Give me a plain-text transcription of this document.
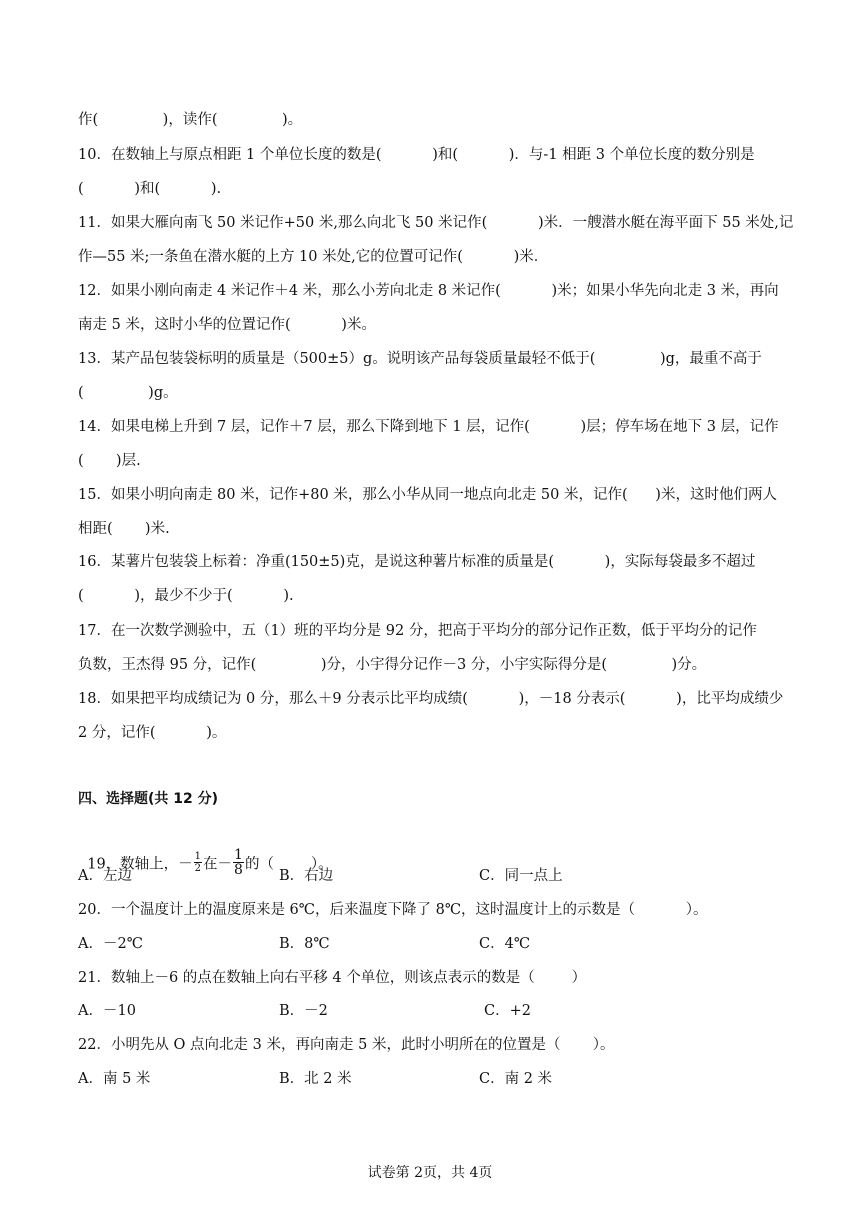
作(              )，读作(              )。
10．在数轴上与原点相距 1 个单位长度的数是(           )和(           )．与-1 相距 3 个单位长度的数分别是
(           )和(           ).
11．如果大雁向南飞 50 米记作+50 米,那么向北飞 50 米记作(           )米．一艘潜水艇在海平面下 55 米处,记
作—55 米;一条鱼在潜水艇的上方 10 米处,它的位置可记作(           )米．
12．如果小刚向南走 4 米记作＋4 米，那么小芳向北走 8 米记作(           )米；如果小华先向北走 3 米，再向
南走 5 米，这时小华的位置记作(           )米。
13．某产品包装袋标明的质量是（500±5）g。说明该产品每袋质量最轻不低于(              )g，最重不高于
(              )g。
14．如果电梯上升到 7 层，记作＋7 层，那么下降到地下 1 层，记作(           )层；停车场在地下 3 层，记作
(       )层.
15．如果小明向南走 80 米，记作+80 米，那么小华从同一地点向北走 50 米，记作(      )米，这时他们两人
相距(       )米.
16．某薯片包装袋上标着：净重(150±5)克，是说这种薯片标准的质量是(           )，实际每袋最多不超过
(           )，最少不少于(           ).
17．在一次数学测验中，五（1）班的平均分是 92 分，把高于平均分的部分记作正数，低于平均分的记作
负数，王杰得 95 分，记作(              )分，小宇得分记作－3 分，小宇实际得分是(              )分。
18．如果把平均成绩记为 0 分，那么＋9 分表示比平均成绩(           )，－18 分表示(           )，比平均成绩少
2 分，记作(           )。
四、选择题(共 12 分)

19．数轴上，－ $\frac{1}{2}$ 在－ $\frac{1}{8}$ 的（        ）。

A．左边	B．右边	C．同一点上
20．一个温度计上的温度原来是 6℃，后来温度下降了 8℃，这时温度计上的示数是（           ）。
A．－2℃	B．8℃	C．4℃
21．数轴上－6 的点在数轴上向右平移 4 个单位，则该点表示的数是（        ）
A．－10	B．－2	C．+2
22．小明先从 O 点向北走 3 米，再向南走 5 米，此时小明所在的位置是（       ）。
A．南 5 米	B．北 2 米	C．南 2 米
试卷第 2页，共 4页
